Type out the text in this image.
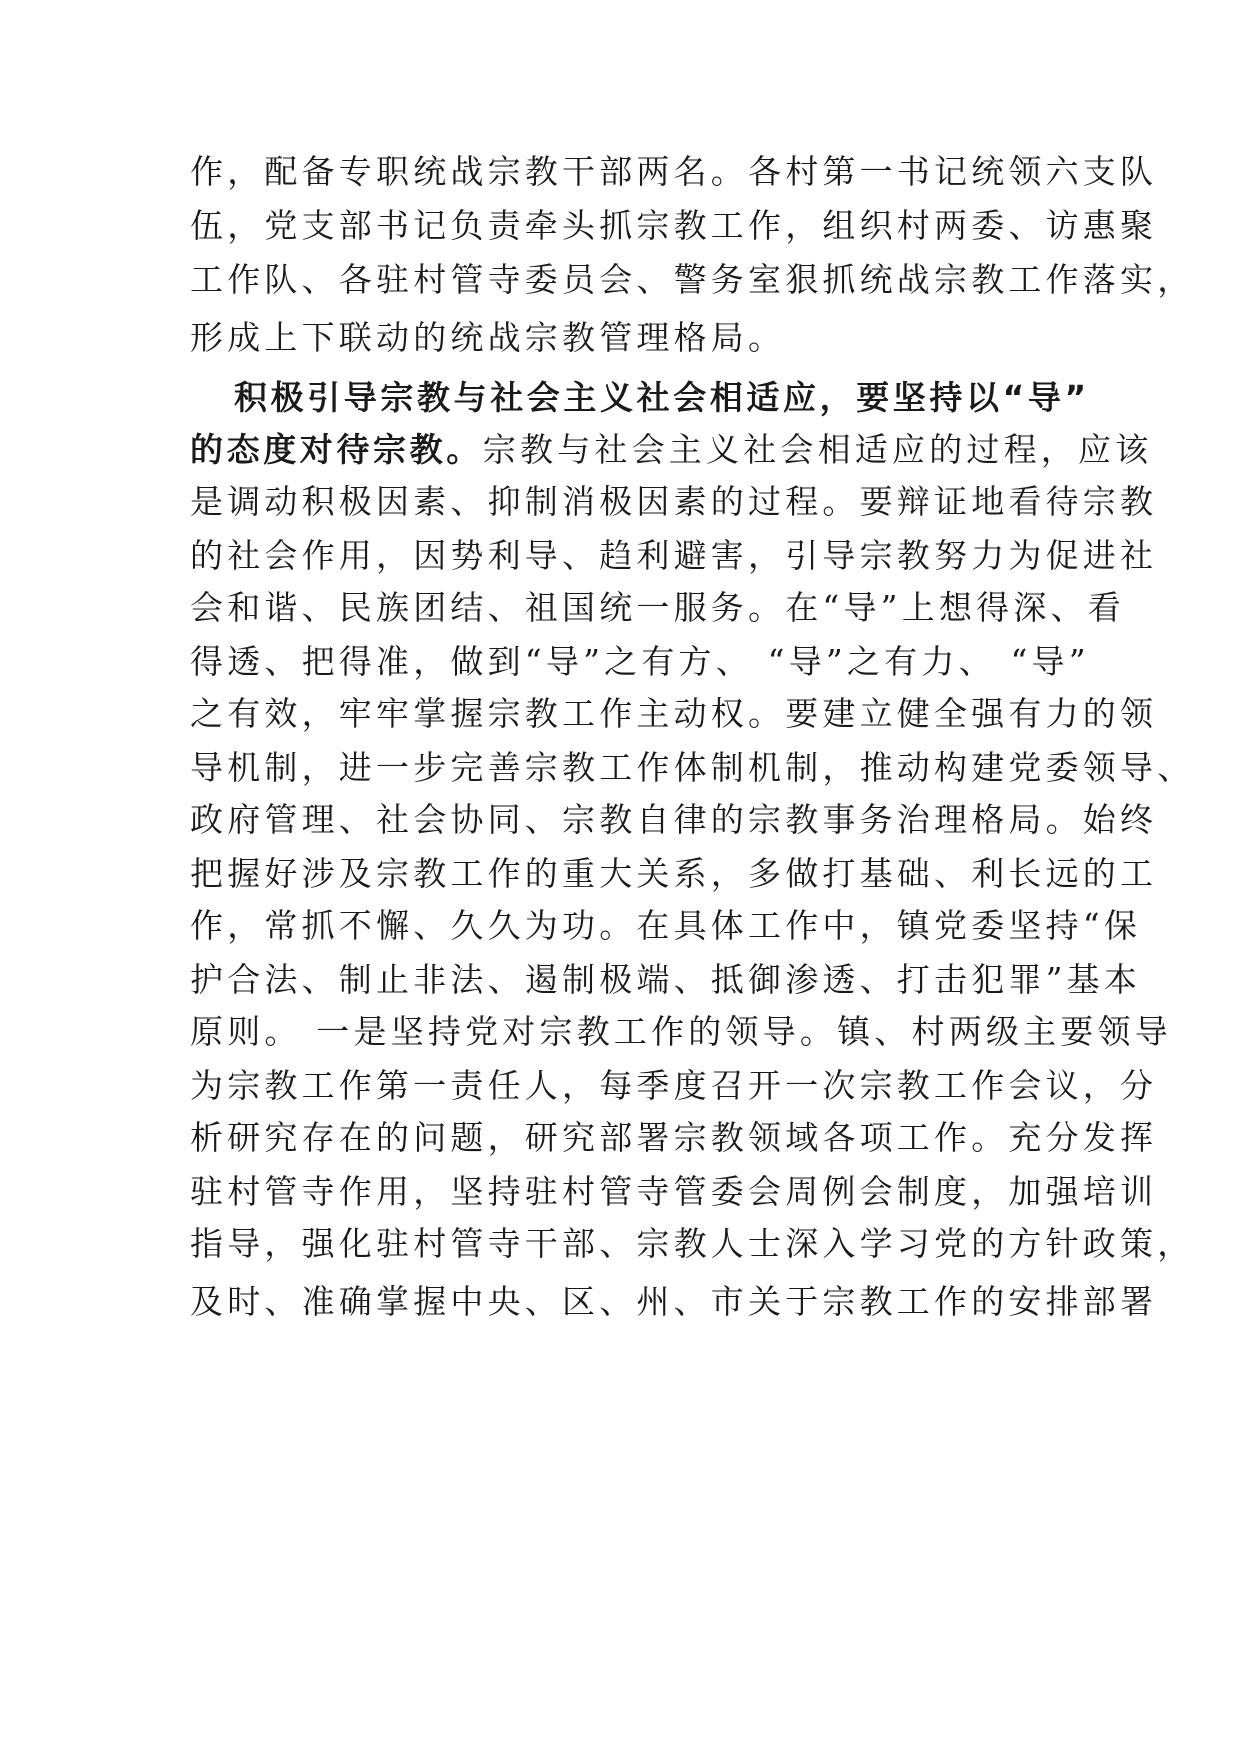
作，配备专职统战宗教干部两名。各村第一书记统领六支队
伍，党支部书记负责牵头抓宗教工作，组织村两委、访惠聚
工作队、各驻村管寺委员会、警务室狠抓统战宗教工作落实，
形成上下联动的统战宗教管理格局。
积极引导宗教与社会主义社会相适应，要坚持以“导”
的态度对待宗教。宗教与社会主义社会相适应的过程，应该
是调动积极因素、抑制消极因素的过程。要辩证地看待宗教
的社会作用，因势利导、趋利避害，引导宗教努力为促进社
会和谐、民族团结、祖国统一服务。在“导”上想得深、看
得透、把得准，做到“导”之有方、 “导”之有力、 “导”
之有效，牢牢掌握宗教工作主动权。要建立健全强有力的领
导机制，进一步完善宗教工作体制机制，推动构建党委领导、
政府管理、社会协同、宗教自律的宗教事务治理格局。始终
把握好涉及宗教工作的重大关系，多做打基础、利长远的工
作，常抓不懈、久久为功。在具体工作中，镇党委坚持“保
护合法、制止非法、遏制极端、抵御渗透、打击犯罪”基本
原则。 一是坚持党对宗教工作的领导。镇、村两级主要领导
为宗教工作第一责任人，每季度召开一次宗教工作会议，分
析研究存在的问题，研究部署宗教领域各项工作。充分发挥
驻村管寺作用，坚持驻村管寺管委会周例会制度，加强培训
指导，强化驻村管寺干部、宗教人士深入学习党的方针政策，
及时、准确掌握中央、区、州、市关于宗教工作的安排部署
